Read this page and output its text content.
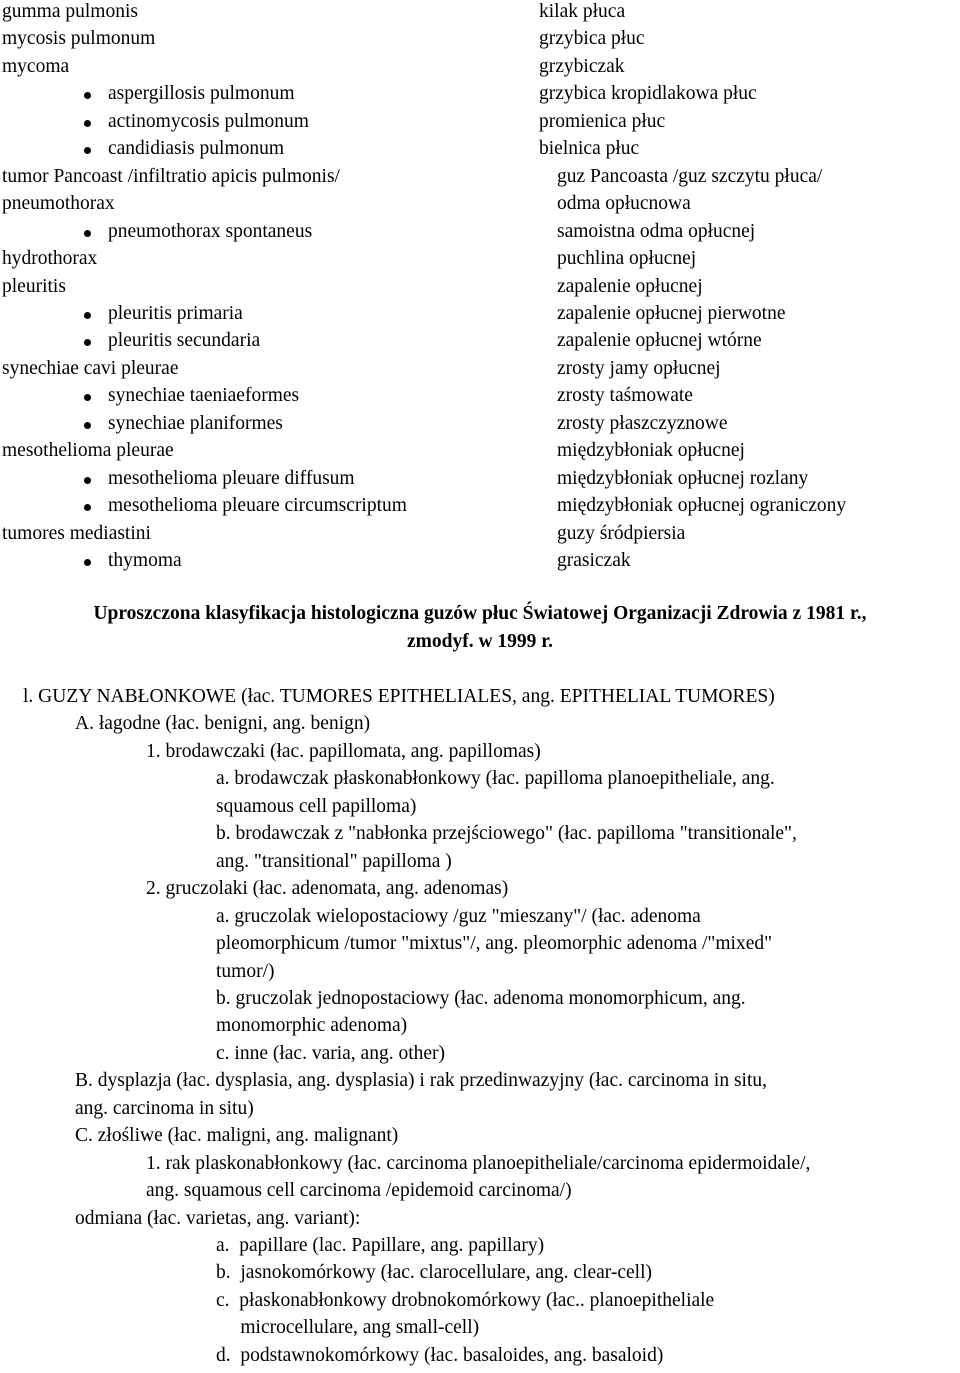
gumma pulmonis	kilak płuca
mycosis pulmonum	grzybica płuc
mycoma	grzybiczak
aspergillosis pulmonum	grzybica kropidlakowa płuc
actinomycosis pulmonum	promienica płuc
candidiasis pulmonum	bielnica płuc
tumor Pancoast /infiltratio apicis pulmonis/	guz Pancoasta /guz szczytu płuca/
pneumothorax	odma opłucnowa
pneumothorax spontaneus	samoistna odma opłucnej
hydrothorax	puchlina opłucnej
pleuritis	zapalenie opłucnej
pleuritis primaria	zapalenie opłucnej pierwotne
pleuritis secundaria	zapalenie opłucnej wtórne
synechiae cavi pleurae	zrosty jamy opłucnej
synechiae taeniaeformes	zrosty taśmowate
synechiae planiformes	zrosty płaszczyznowe
mesothelioma pleurae	międzybłoniak opłucnej
mesothelioma pleuare diffusum	międzybłoniak opłucnej rozlany
mesothelioma pleuare circumscriptum	międzybłoniak opłucnej ograniczony
tumores mediastini	guzy śródpiersia
thymoma	grasiczak
Uproszczona klasyfikacja histologiczna guzów płuc Światowej Organizacji Zdrowia z 1981 r.,
zmodyf. w 1999 r.
l. GUZY NABŁONKOWE (łac. TUMORES EPITHELIALES, ang. EPITHELIAL TUMORES)
A. łagodne (łac. benigni, ang. benign)
1. brodawczaki (łac. papillomata, ang. papillomas)
a. brodawczak płaskonabłonkowy (łac. papilloma planoepitheliale, ang.
squamous cell papilloma)
b. brodawczak z "nabłonka przejściowego" (łac. papilloma "transitionale",
ang. "transitional" papilloma )
2. gruczolaki (łac. adenomata, ang. adenomas)
a. gruczolak wielopostaciowy /guz "mieszany"/ (łac. adenoma
pleomorphicum /tumor "mixtus"/, ang. pleomorphic adenoma /"mixed"
tumor/)
b. gruczolak jednopostaciowy (łac. adenoma monomorphicum, ang.
monomorphic adenoma)
c. inne (łac. varia, ang. other)
B. dysplazja (łac. dysplasia, ang. dysplasia) i rak przedinwazyjny (łac. carcinoma in situ,
ang. carcinoma in situ)
C. złośliwe (łac. maligni, ang. malignant)
1. rak plaskonabłonkowy (łac. carcinoma planoepitheliale/carcinoma epidermoidale/,
ang. squamous cell carcinoma /epidemoid carcinoma/)
odmiana (łac. varietas, ang. variant):
a.  papillare (lac. Papillare, ang. papillary)
b.  jasnokomórkowy (łac. clarocellulare, ang. clear-cell)
c.  płaskonabłonkowy drobnokomórkowy (łac.. planoepitheliale
microcellulare, ang small-cell)
d.  podstawnokomórkowy (łac. basaloides, ang. basaloid)
